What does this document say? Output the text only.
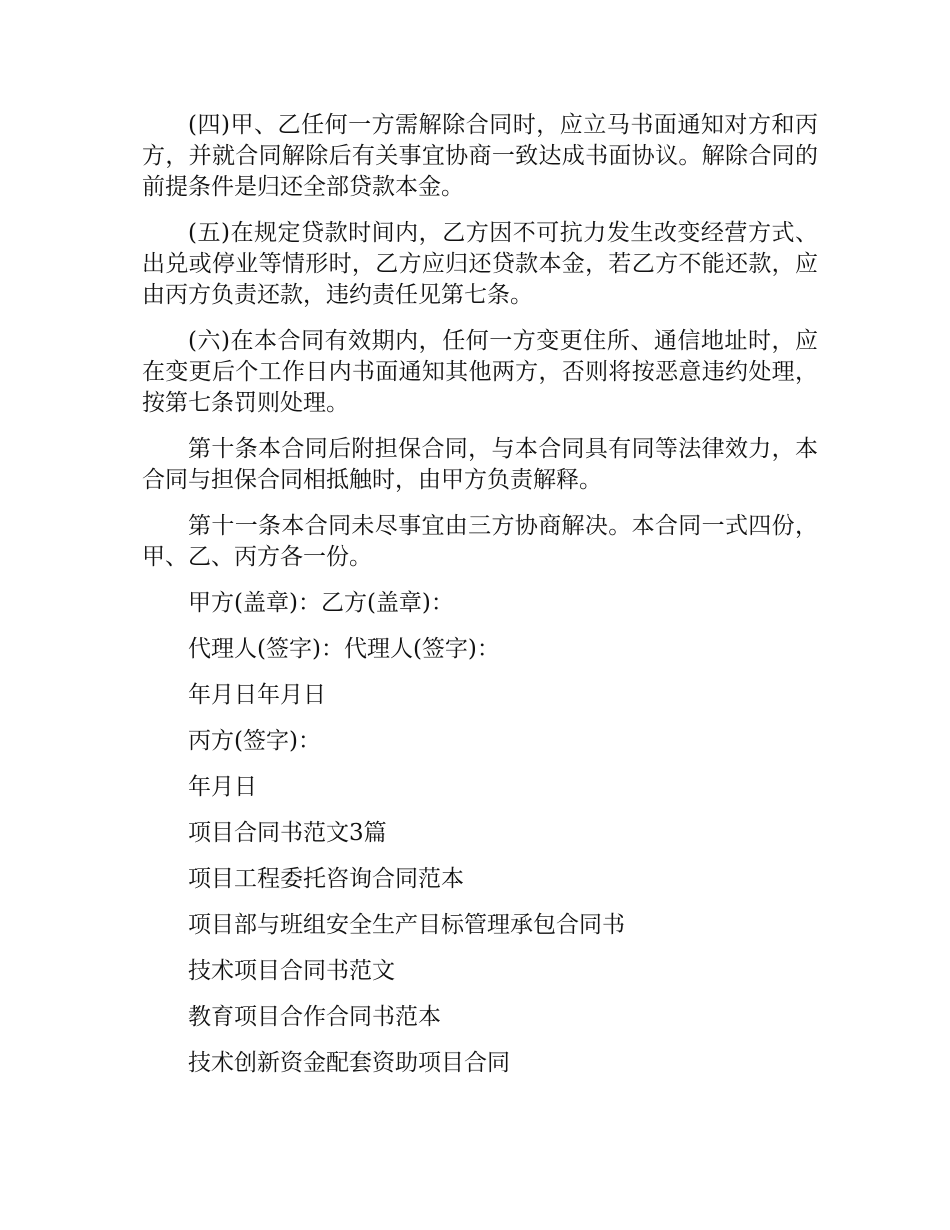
(四)甲、乙任何一方需解除合同时，应立马书面通知对方和丙方，并就合同解除后有关事宜协商一致达成书面协议。解除合同的前提条件是归还全部贷款本金。

(五)在规定贷款时间内，乙方因不可抗力发生改变经营方式、出兑或停业等情形时，乙方应归还贷款本金，若乙方不能还款，应由丙方负责还款，违约责任见第七条。

(六)在本合同有效期内，任何一方变更住所、通信地址时，应在变更后个工作日内书面通知其他两方，否则将按恶意违约处理，按第七条罚则处理。

第十条本合同后附担保合同，与本合同具有同等法律效力，本合同与担保合同相抵触时，由甲方负责解释。

第十一条本合同未尽事宜由三方协商解决。本合同一式四份，甲、乙、丙方各一份。

甲方(盖章)：乙方(盖章)：

代理人(签字)：代理人(签字)：

年月日年月日

丙方(签字)：

年月日

项目合同书范文3篇

项目工程委托咨询合同范本

项目部与班组安全生产目标管理承包合同书

技术项目合同书范文

教育项目合作合同书范本

技术创新资金配套资助项目合同
